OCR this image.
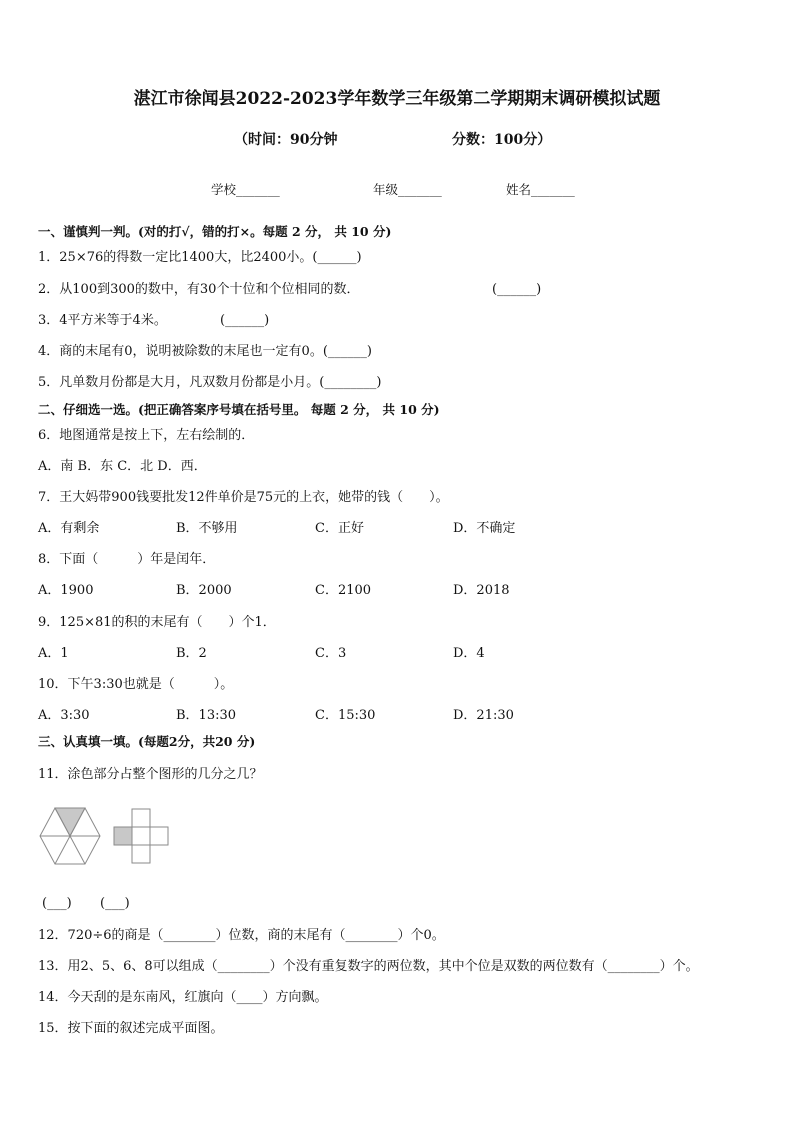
湛江市徐闻县2022-2023学年数学三年级第二学期期末调研模拟试题
（时间：90分钟	分数：100分）
学校_______	年级_______	姓名_______
一、谨慎判一判。(对的打√，错的打×。每题 2 分， 共 10 分)
1．25×76的得数一定比1400大，比2400小。(______)
2．从100到300的数中，有30个十位和个位相同的数．	(______)
3．4平方米等于4米。	(______)
4．商的末尾有0，说明被除数的末尾也一定有0。(______)
5．凡单数月份都是大月，凡双数月份都是小月。(________)
二、仔细选一选。(把正确答案序号填在括号里。 每题 2 分， 共 10 分)
6．地图通常是按上下，左右绘制的．
A．南 B．东 C．北 D．西．
7．王大妈带900钱要批发12件单价是75元的上衣，她带的钱（　　）。
A．有剩余	B．不够用	C．正好	D．不确定
8．下面（　　　）年是闰年．
A．1900	B．2000	C．2100	D．2018
9．125×81的积的末尾有（　　）个1．
A．1	B．2	C．3	D．4
10．下午3:30也就是（　　　）。
A．3:30	B．13:30	C．15:30	D．21:30
三、认真填一填。(每题2分，共20 分)
11．涂色部分占整个图形的几分之几？
(___) (___)
12．720÷6的商是（________）位数，商的末尾有（________）个0。
13．用2、5、6、8可以组成（________）个没有重复数字的两位数，其中个位是双数的两位数有（________）个。
14．今天刮的是东南风，红旗向（____）方向飘。
15．按下面的叙述完成平面图。
